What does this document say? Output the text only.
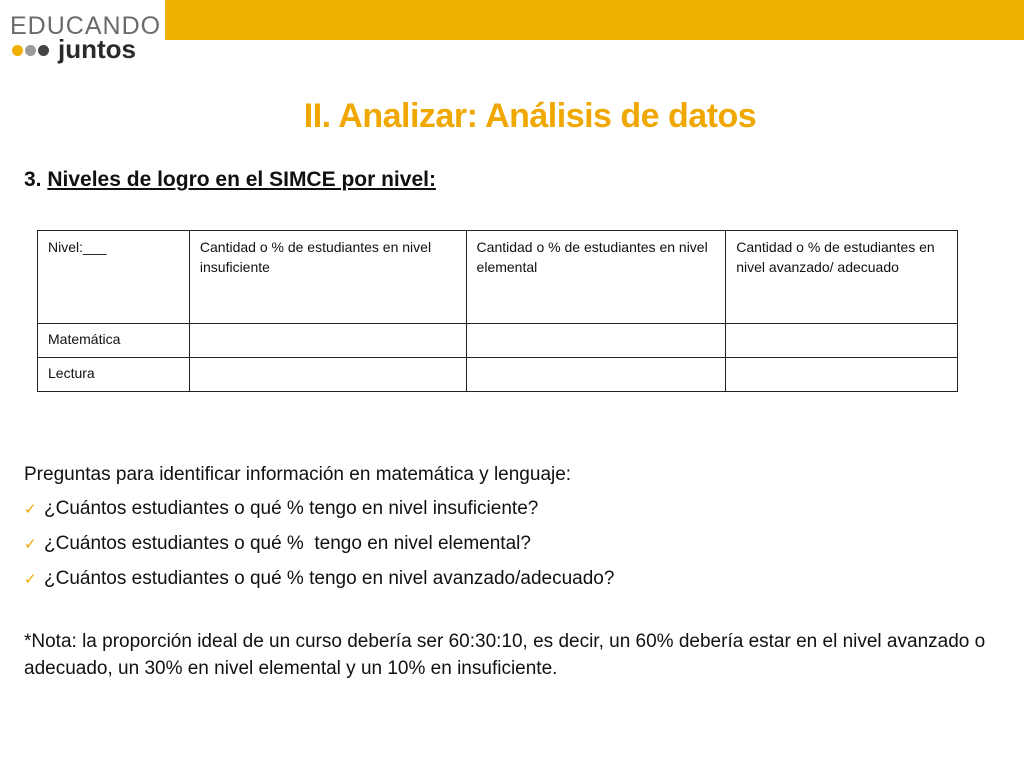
EDUCANDO
juntos
II. Analizar: Análisis de datos
3. Niveles de logro en el SIMCE por nivel:
Nivel:___	Cantidad o % de estudiantes en nivel insuficiente	Cantidad o % de estudiantes en nivel elemental	Cantidad o % de estudiantes en nivel avanzado/ adecuado
Matemática			
Lectura			

Preguntas para identificar información en matemática y lenguaje:

✓ ¿Cuántos estudiantes o qué % tengo en nivel insuficiente?
✓ ¿Cuántos estudiantes o qué %  tengo en nivel elemental?
✓ ¿Cuántos estudiantes o qué % tengo en nivel avanzado/adecuado?

*Nota: la proporción ideal de un curso debería ser 60:30:10, es decir, un 60% debería estar en el nivel avanzado o adecuado, un 30% en nivel elemental y un 10% en insuficiente.
